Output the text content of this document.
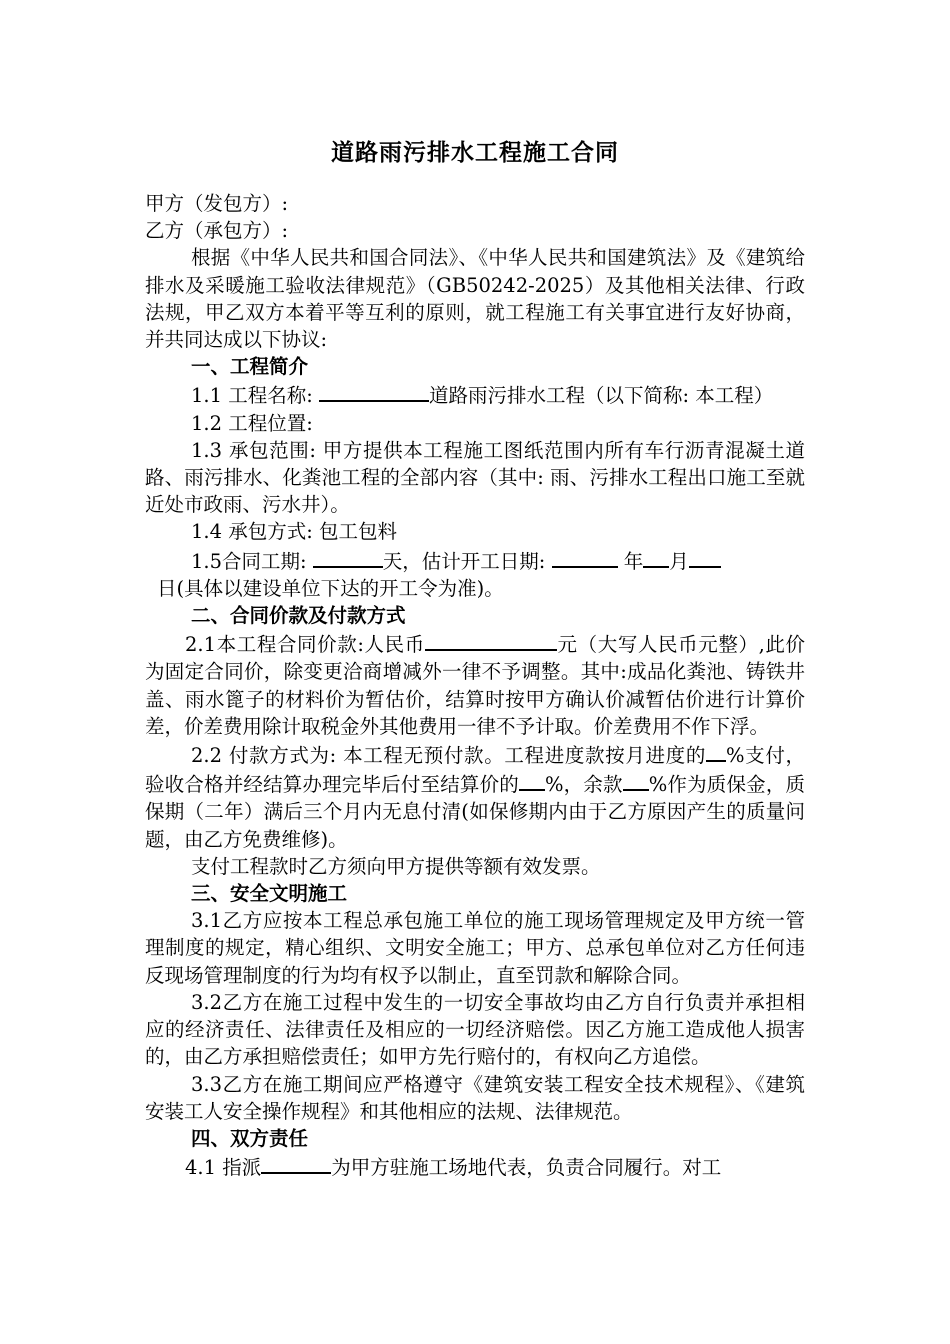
道路雨污排水工程施工合同

甲方（发包方）:

乙方（承包方）:

根据《中华人民共和国合同法》、《中华人民共和国建筑法》及《建筑给排水及采暖施工验收法律规范》（GB50242-2025）及其他相关法律、行政法规，甲乙双方本着平等互利的原则，就工程施工有关事宜进行友好协商，并共同达成以下协议:

一、工程简介

1.1 工程名称:	道路雨污排水工程（以下简称: 本工程）

1.2 工程位置:

1.3 承包范围: 甲方提供本工程施工图纸范围内所有车行沥青混凝土道路、雨污排水、化粪池工程的全部内容（其中: 雨、污排水工程出口施工至就近处市政雨、污水井）。

1.4 承包方式: 包工包料

1.5合同工期:	天，估计开工日期:	年 月
日(具体以建设单位下达的开工令为准)。

二、合同价款及付款方式

2.1本工程合同价款:人民币	元（大写人民币元整）,此价为固定合同价，除变更洽商增减外一律不予调整。其中:成品化粪池、铸铁井盖、雨水篦子的材料价为暂估价，结算时按甲方确认价减暂估价进行计算价差，价差费用除计取税金外其他费用一律不予计取。价差费用不作下浮。

2.2 付款方式为: 本工程无预付款。工程进度款按月进度的 %支付，验收合格并经结算办理完毕后付至结算价的 %，余款 %作为质保金，质保期（二年）满后三个月内无息付清(如保修期内由于乙方原因产生的质量问题，由乙方免费维修)。

支付工程款时乙方须向甲方提供等额有效发票。

三、安全文明施工

3.1乙方应按本工程总承包施工单位的施工现场管理规定及甲方统一管理制度的规定，精心组织、文明安全施工；甲方、总承包单位对乙方任何违反现场管理制度的行为均有权予以制止，直至罚款和解除合同。

3.2乙方在施工过程中发生的一切安全事故均由乙方自行负责并承担相应的经济责任、法律责任及相应的一切经济赔偿。因乙方施工造成他人损害的，由乙方承担赔偿责任；如甲方先行赔付的，有权向乙方追偿。

3.3乙方在施工期间应严格遵守《建筑安装工程安全技术规程》、《建筑安装工人安全操作规程》和其他相应的法规、法律规范。

四、双方责任

4.1 指派	为甲方驻施工场地代表，负责合同履行。对工
